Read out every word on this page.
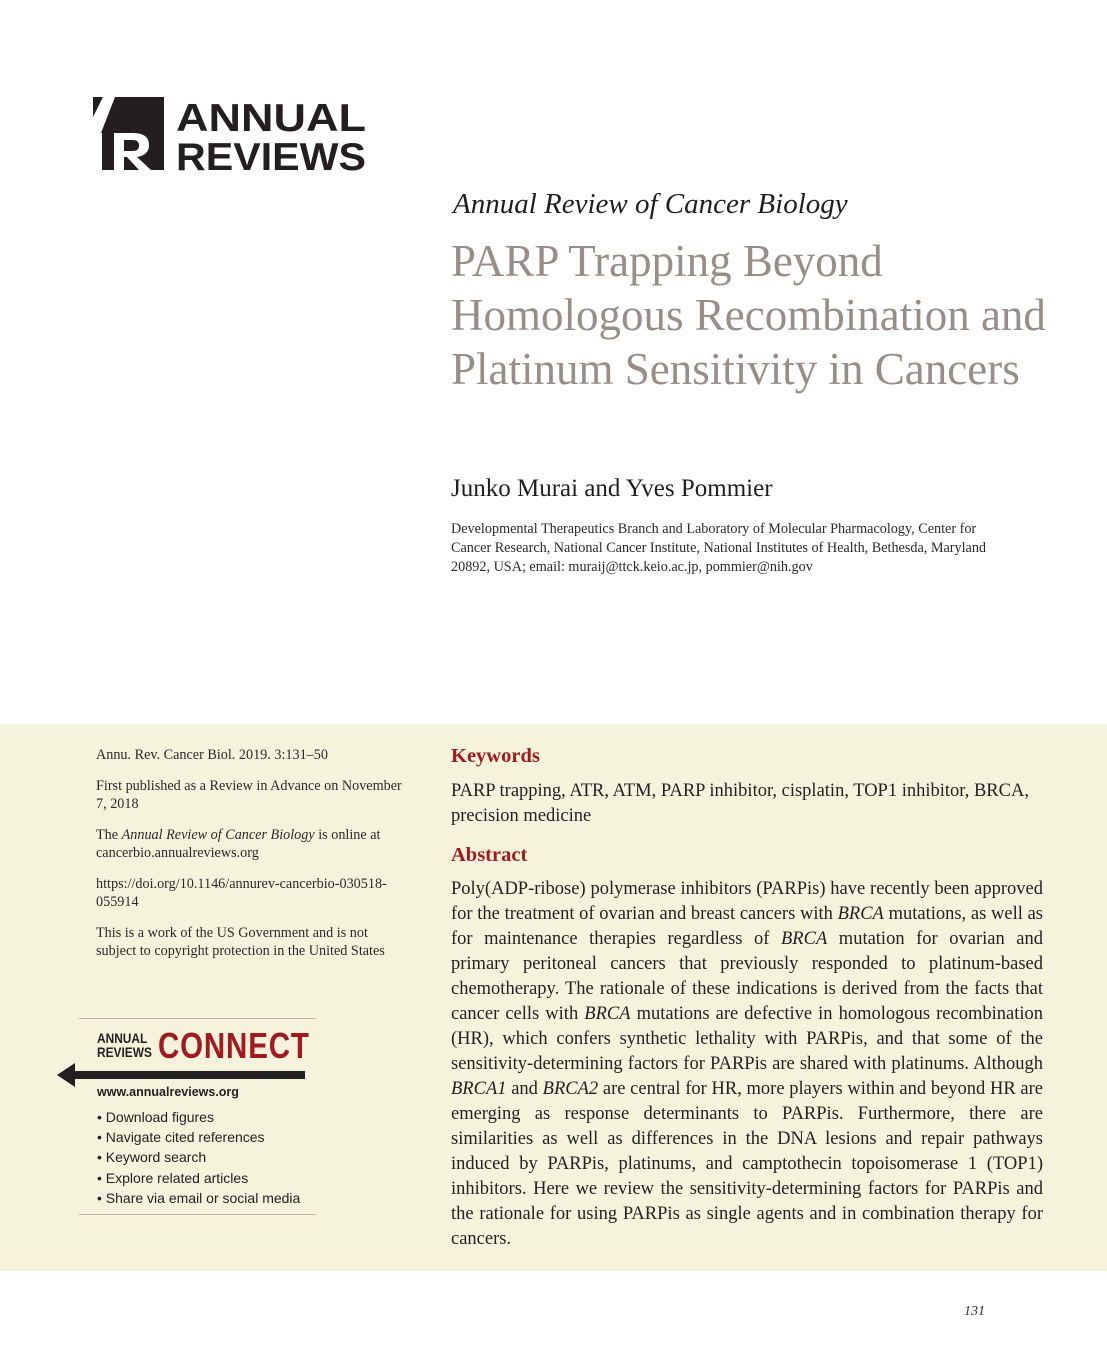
ANNUAL
REVIEWS
Annual Review of Cancer Biology
PARP Trapping Beyond Homologous Recombination and Platinum Sensitivity in Cancers
Junko Murai and Yves Pommier
Developmental Therapeutics Branch and Laboratory of Molecular Pharmacology, Center for Cancer Research, National Cancer Institute, National Institutes of Health, Bethesda, Maryland 20892, USA; email: muraij@ttck.keio.ac.jp, pommier@nih.gov

Annu. Rev. Cancer Biol. 2019. 3:131–50

First published as a Review in Advance on November 7, 2018

The Annual Review of Cancer Biology is online at cancerbio.annualreviews.org

https://doi.org/10.1146/annurev-cancerbio-030518-055914

This is a work of the US Government and is not subject to copyright protection in the United States

ANNUAL
REVIEWS CONNECT
www.annualreviews.org
• Download figures
• Navigate cited references
• Keyword search
• Explore related articles
• Share via email or social media
Keywords
PARP trapping, ATR, ATM, PARP inhibitor, cisplatin, TOP1 inhibitor, BRCA, precision medicine
Abstract
Poly(ADP-ribose) polymerase inhibitors (PARPis) have recently been approved for the treatment of ovarian and breast cancers with BRCA mutations, as well as for maintenance therapies regardless of BRCA mutation for ovarian and primary peritoneal cancers that previously responded to platinum-based chemotherapy. The rationale of these indications is derived from the facts that cancer cells with BRCA mutations are defective in homologous recombination (HR), which confers synthetic lethality with PARPis, and that some of the sensitivity-determining factors for PARPis are shared with platinums. Although BRCA1 and BRCA2 are central for HR, more players within and beyond HR are emerging as response determinants to PARPis. Furthermore, there are similarities as well as differences in the DNA lesions and repair pathways induced by PARPis, platinums, and camptothecin topoisomerase 1 (TOP1) inhibitors. Here we review the sensitivity-determining factors for PARPis and the rationale for using PARPis as single agents and in combination therapy for cancers.
131
